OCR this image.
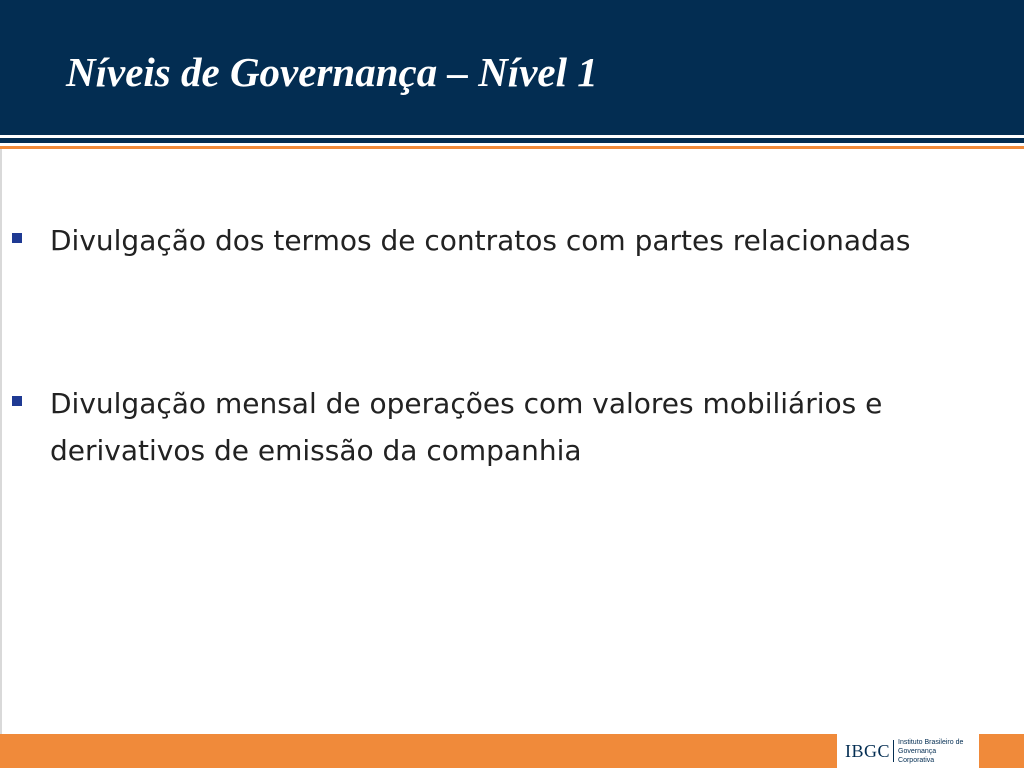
Níveis de Governança – Nível 1
Divulgação dos termos de contratos com partes relacionadas
Divulgação mensal de operações com valores mobiliários e derivativos de emissão da companhia
IBGC	Instituto Brasileiro de Governança Corporativa
